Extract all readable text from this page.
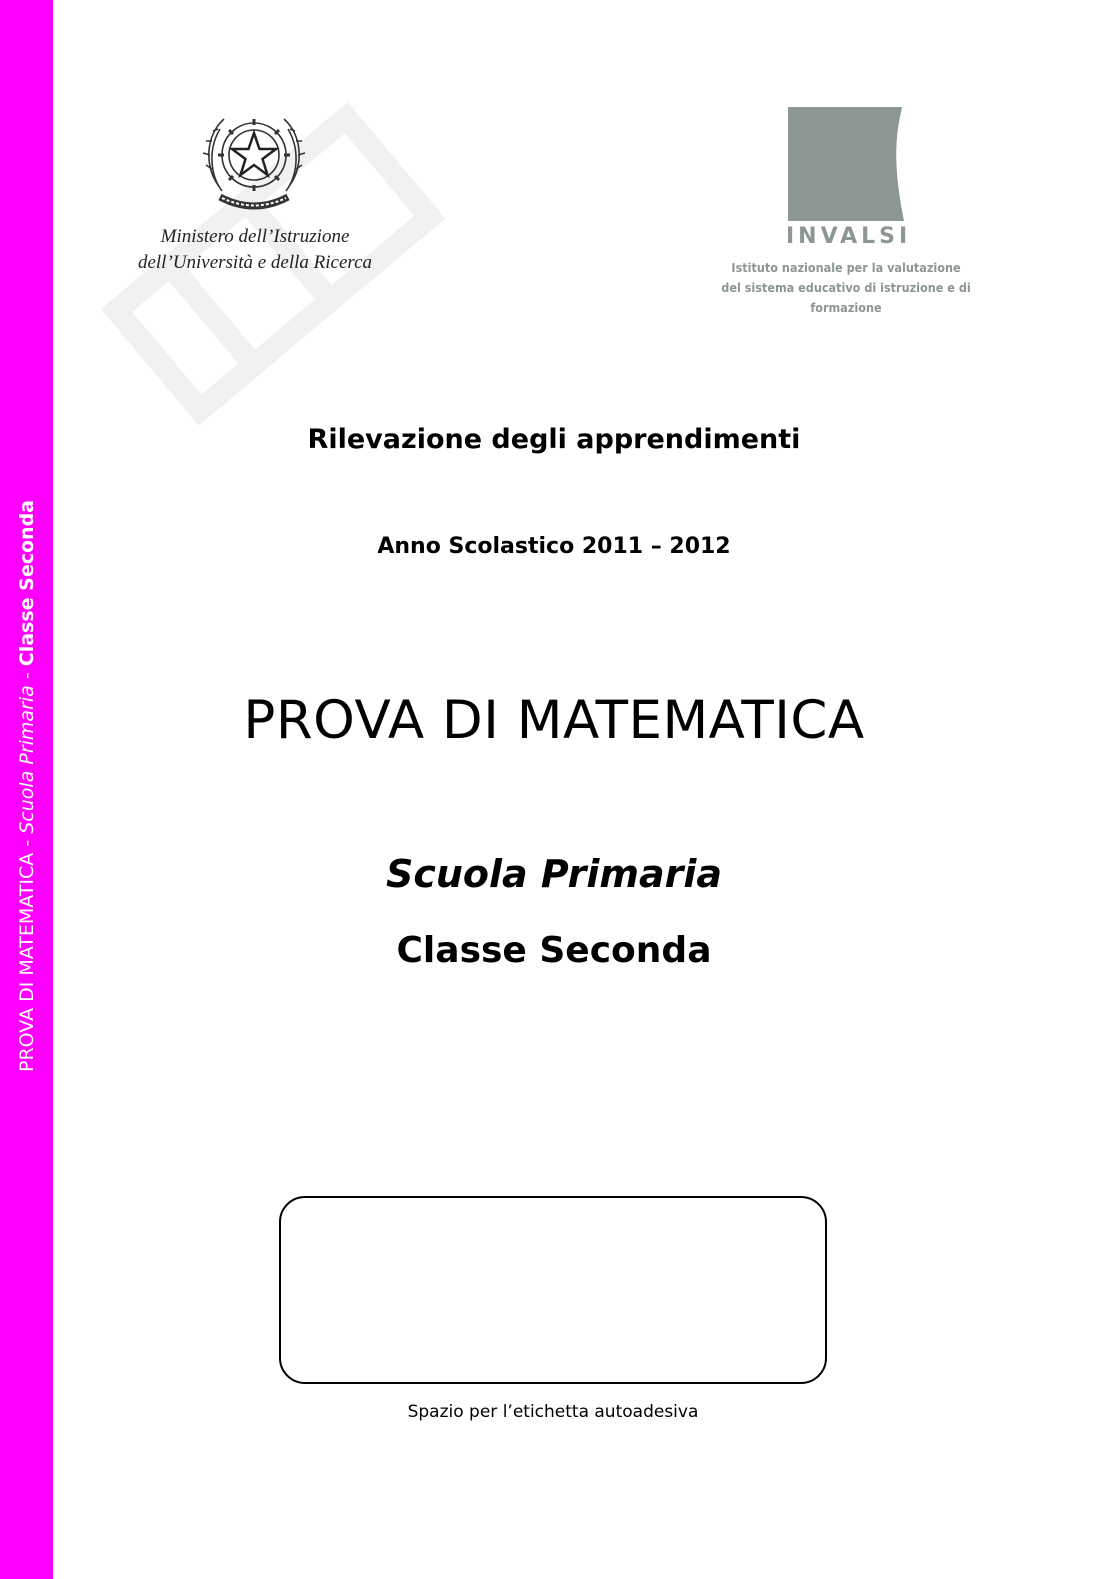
PROVA DI MATEMATICA - Scuola Primaria - Classe Seconda
Ministero dell’Istruzione
dell’Università e della Ricerca
INVALSI
Istituto nazionale per la valutazione
del sistema educativo di istruzione e di formazione
Rilevazione degli apprendimenti
Anno Scolastico 2011 – 2012
PROVA DI MATEMATICA
Scuola Primaria
Classe Seconda
Spazio per l’etichetta autoadesiva
